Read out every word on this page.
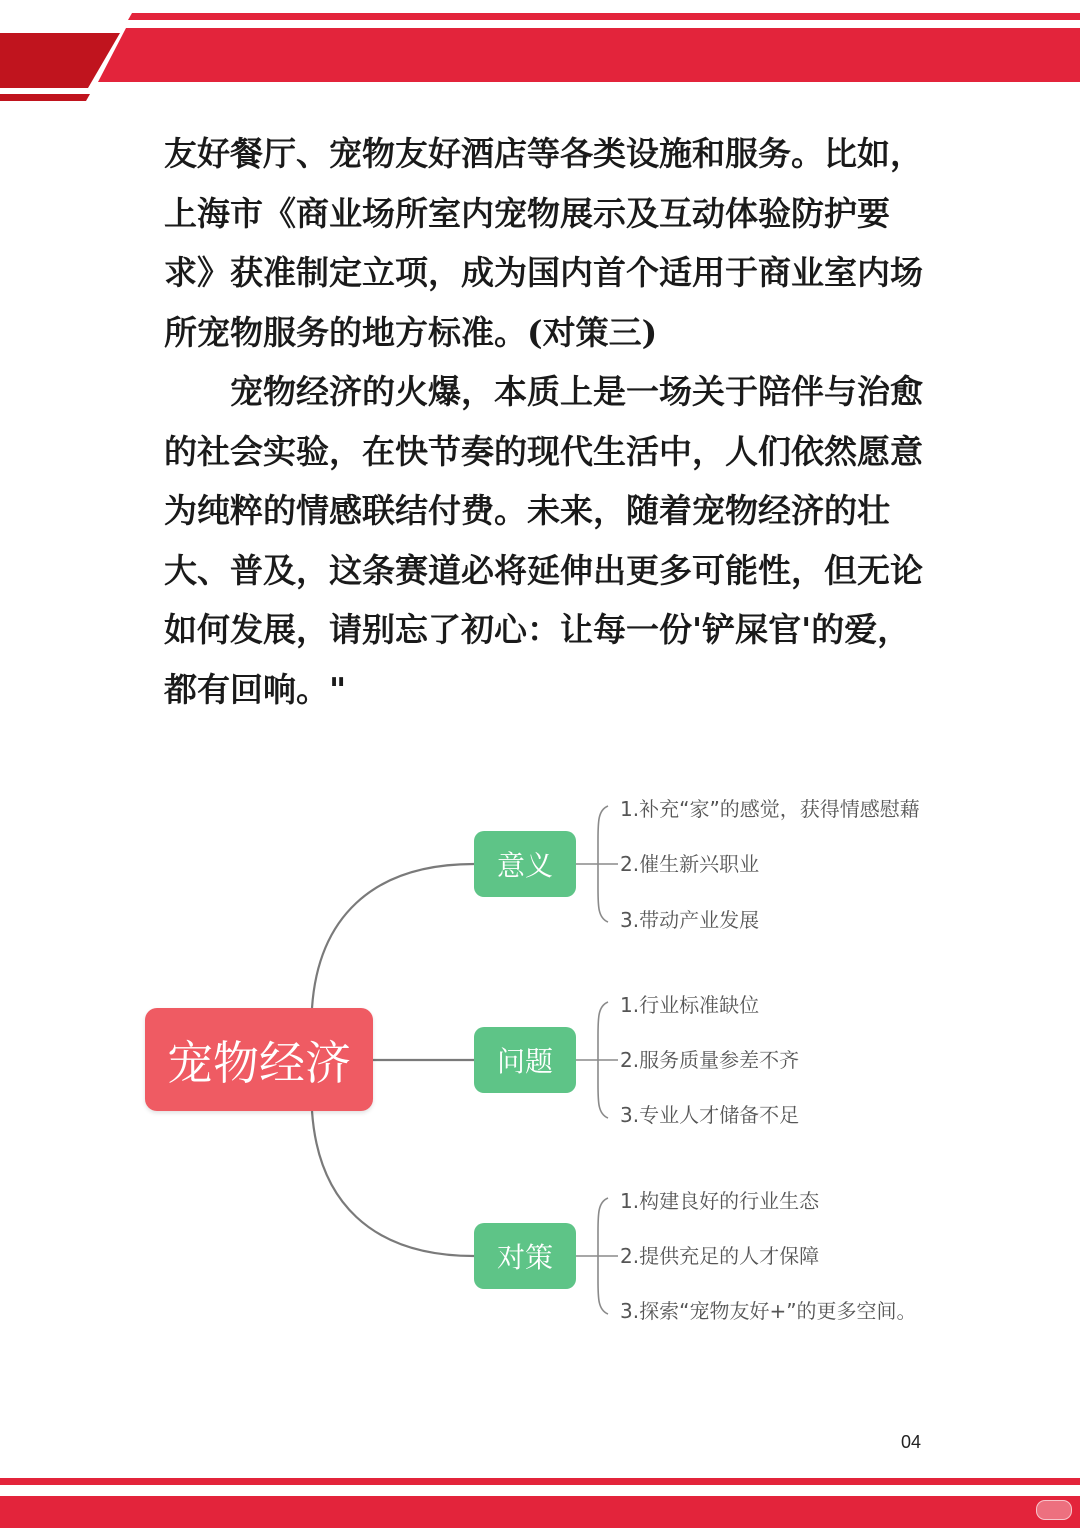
友好餐厅、宠物友好酒店等各类设施和服务。比如，上海市《商业场所室内宠物展示及互动体验防护要求》获准制定立项，成为国内首个适用于商业室内场所宠物服务的地方标准。(对策三)

宠物经济的火爆，本质上是一场关于陪伴与治愈的社会实验，在快节奏的现代生活中，人们依然愿意为纯粹的情感联结付费。未来，随着宠物经济的壮大、普及，这条赛道必将延伸出更多可能性，但无论如何发展，请别忘了初心：让每一份'铲屎官'的爱，都有回响。"

宠物经济
意义
问题
对策
1.补充“家”的感觉，获得情感慰藉
2.催生新兴职业
3.带动产业发展
1.行业标准缺位
2.服务质量参差不齐
3.专业人才储备不足
1.构建良好的行业生态
2.提供充足的人才保障
3.探索“宠物友好+”的更多空间。
04
